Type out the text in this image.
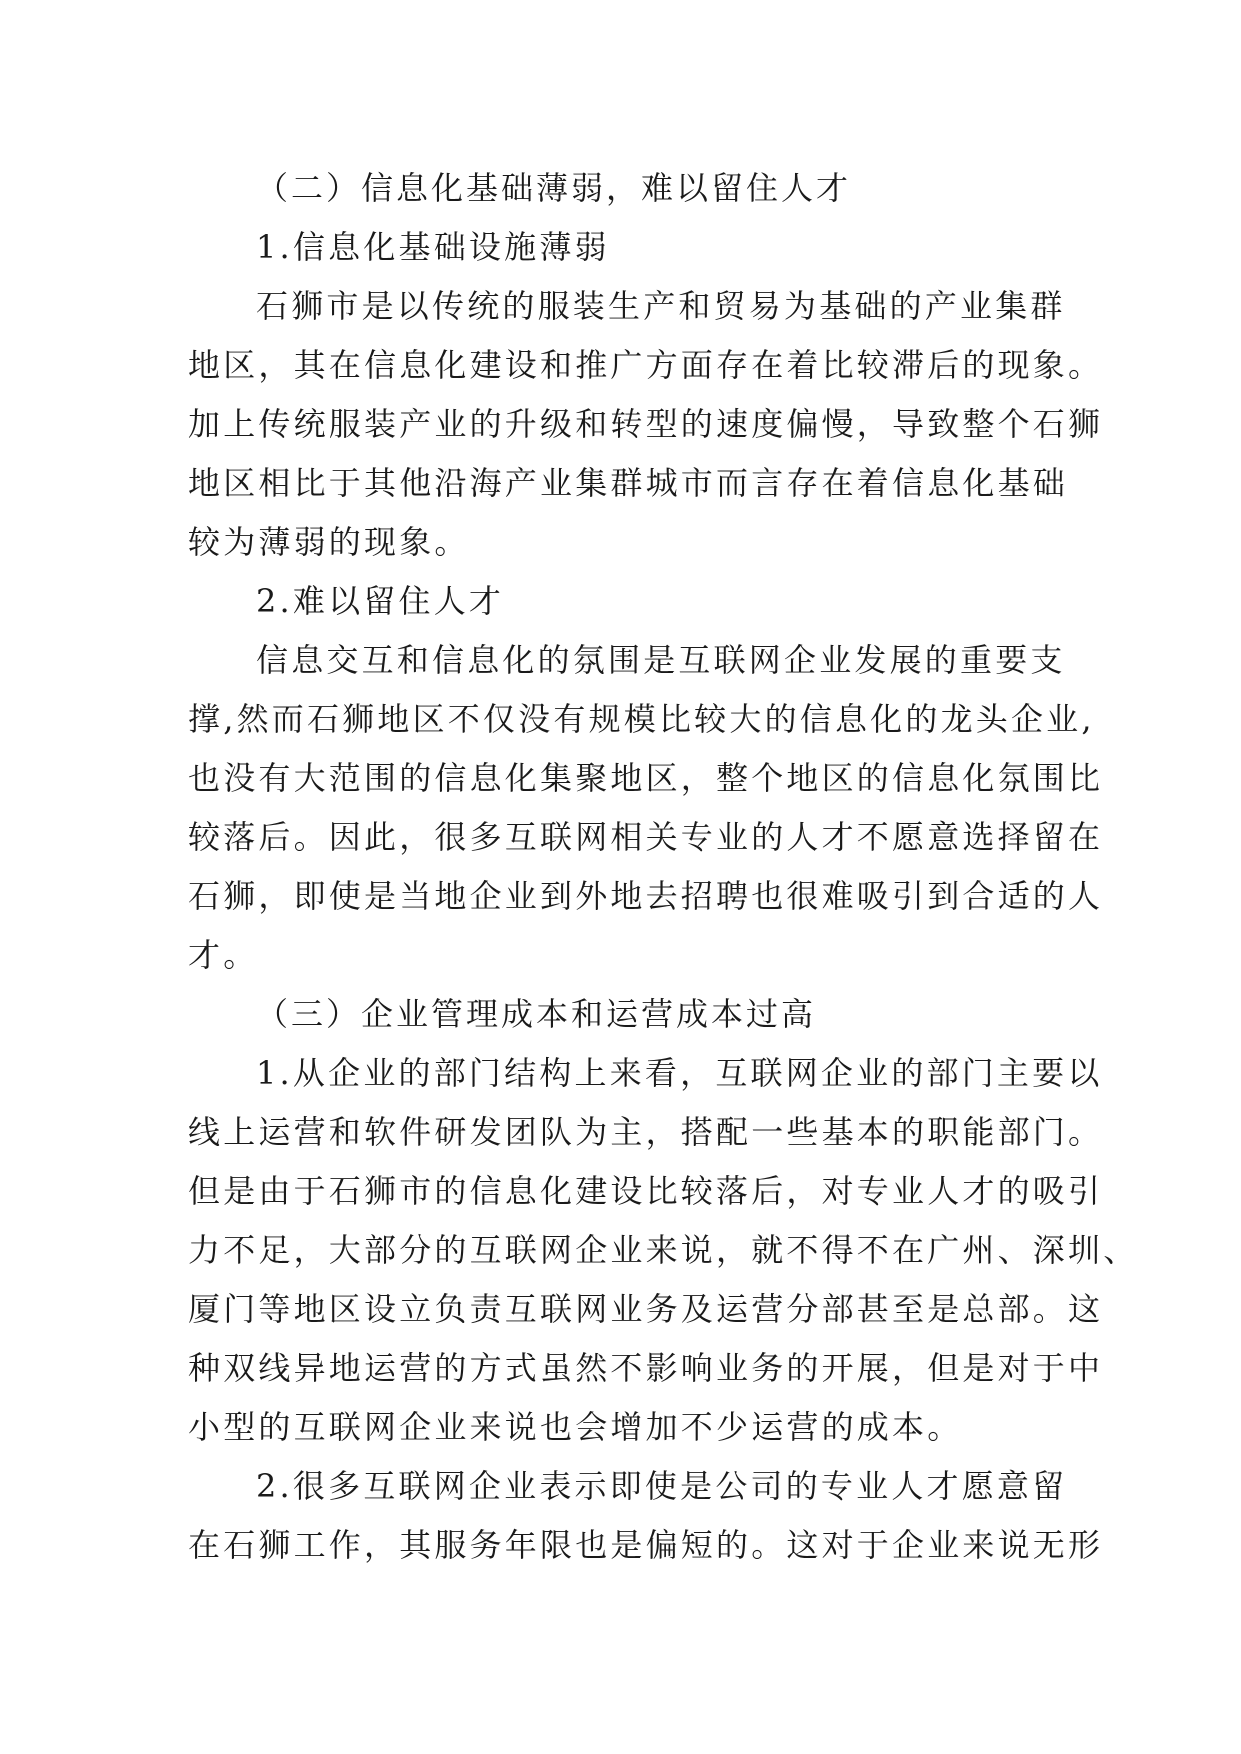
（二）信息化基础薄弱，难以留住人才

1.信息化基础设施薄弱

石狮市是以传统的服装生产和贸易为基础的产业集群

地区，其在信息化建设和推广方面存在着比较滞后的现象。

加上传统服装产业的升级和转型的速度偏慢，导致整个石狮

地区相比于其他沿海产业集群城市而言存在着信息化基础

较为薄弱的现象。

2.难以留住人才

信息交互和信息化的氛围是互联网企业发展的重要支

撑,然而石狮地区不仅没有规模比较大的信息化的龙头企业,

也没有大范围的信息化集聚地区，整个地区的信息化氛围比

较落后。因此，很多互联网相关专业的人才不愿意选择留在

石狮，即使是当地企业到外地去招聘也很难吸引到合适的人

才。

（三）企业管理成本和运营成本过高

1.从企业的部门结构上来看，互联网企业的部门主要以

线上运营和软件研发团队为主，搭配一些基本的职能部门。

但是由于石狮市的信息化建设比较落后，对专业人才的吸引

力不足，大部分的互联网企业来说，就不得不在广州、深圳、

厦门等地区设立负责互联网业务及运营分部甚至是总部。这

种双线异地运营的方式虽然不影响业务的开展，但是对于中

小型的互联网企业来说也会增加不少运营的成本。

2.很多互联网企业表示即使是公司的专业人才愿意留

在石狮工作，其服务年限也是偏短的。这对于企业来说无形
